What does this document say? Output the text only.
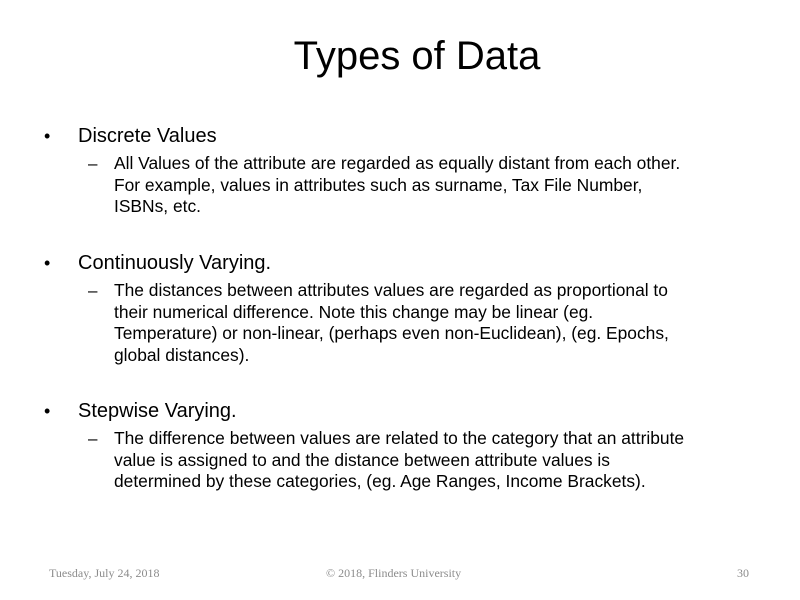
Types of Data
• Discrete Values
– All Values of the attribute are regarded as equally distant from each other.
For example, values in attributes such as surname, Tax File Number,
ISBNs, etc.
• Continuously Varying.
– The distances between attributes values are regarded as proportional to
their numerical difference. Note this change may be linear (eg.
Temperature) or non-linear, (perhaps even non-Euclidean), (eg. Epochs,
global distances).
• Stepwise Varying.
– The difference between values are related to the category that an attribute
value is assigned to and the distance between attribute values is
determined by these categories, (eg. Age Ranges, Income Brackets).
Tuesday, July 24, 2018	© 2018, Flinders University	30
